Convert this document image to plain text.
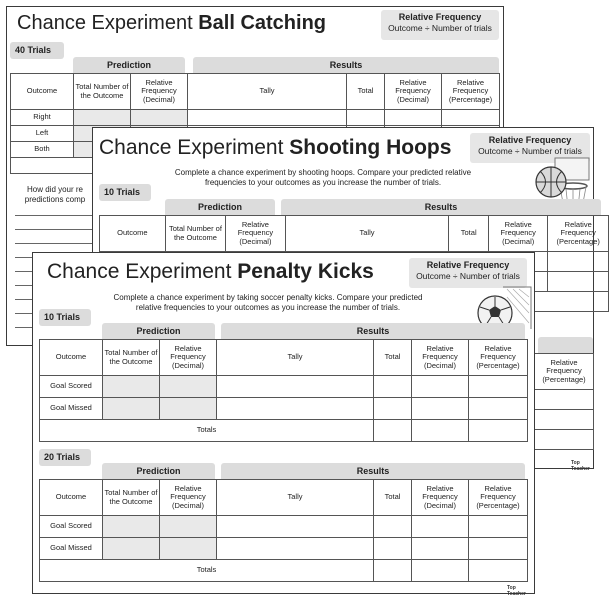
Chance Experiment Ball Catching	Relative Frequency
Outcome ÷ Number of trials
40 Trials
Prediction	Results
Outcome	Total Number of the Outcome	Relative Frequency (Decimal)	Tally	Total	Relative Frequency (Decimal)	Relative Frequency (Percentage)
Right						
Left						
Both						

How did your re predictions comp
Chance Experiment Shooting Hoops	Relative Frequency
Outcome ÷ Number of trials
Complete a chance experiment by shooting hoops. Compare your predicted relative frequencies to your outcomes as you increase the number of trials.
10 Trials
Prediction	Results
Outcome	Total Number of the Outcome	Relative Frequency (Decimal)	Tally	Total	Relative Frequency (Decimal)	Relative Frequency (Percentage)

Relative Frequency (Percentage)

Top Teacher
Chance Experiment Penalty Kicks	Relative Frequency
Outcome ÷ Number of trials
Complete a chance experiment by taking soccer penalty kicks. Compare your predicted relative frequencies to your outcomes as you increase the number of trials.
10 Trials
Prediction	Results
Outcome	Total Number of the Outcome	Relative Frequency (Decimal)	Tally	Total	Relative Frequency (Decimal)	Relative Frequency (Percentage)
Goal Scored						
Goal Missed						
Totals						
20 Trials
Prediction	Results
Outcome	Total Number of the Outcome	Relative Frequency (Decimal)	Tally	Total	Relative Frequency (Decimal)	Relative Frequency (Percentage)
Goal Scored						
Goal Missed						
Totals						
Top Teacher
